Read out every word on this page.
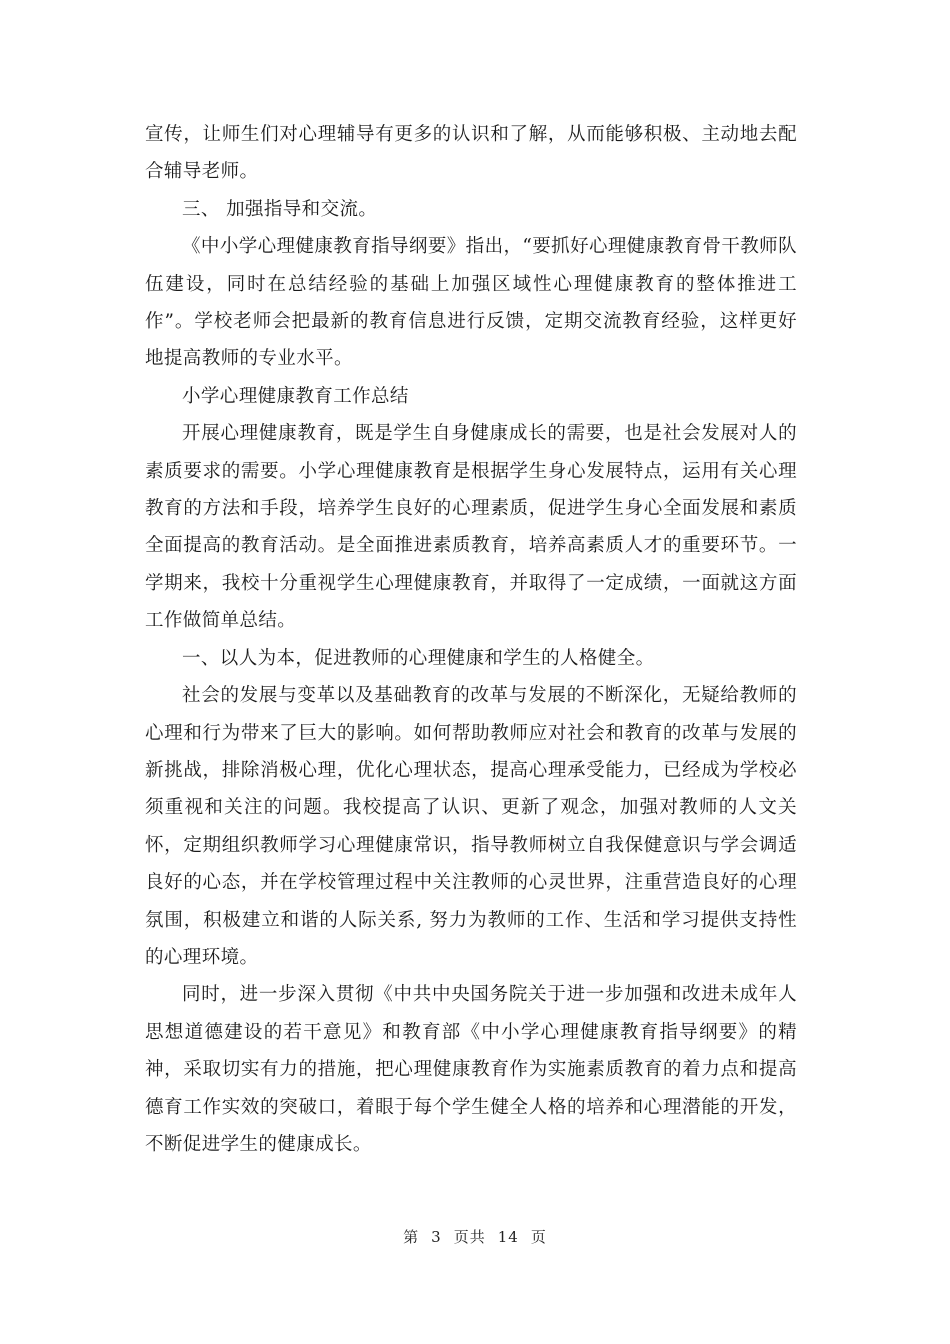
宣传，让师生们对心理辅导有更多的认识和了解，从而能够积极、主动地去配合辅导老师。

三、 加强指导和交流。

《中小学心理健康教育指导纲要》指出，“要抓好心理健康教育骨干教师队伍建设，同时在总结经验的基础上加强区域性心理健康教育的整体推进工作”。学校老师会把最新的教育信息进行反馈，定期交流教育经验，这样更好地提高教师的专业水平。

小学心理健康教育工作总结

开展心理健康教育，既是学生自身健康成长的需要，也是社会发展对人的素质要求的需要。小学心理健康教育是根据学生身心发展特点，运用有关心理教育的方法和手段，培养学生良好的心理素质，促进学生身心全面发展和素质全面提高的教育活动。是全面推进素质教育，培养高素质人才的重要环节。一学期来，我校十分重视学生心理健康教育，并取得了一定成绩，一面就这方面工作做简单总结。

一、以人为本，促进教师的心理健康和学生的人格健全。

社会的发展与变革以及基础教育的改革与发展的不断深化，无疑给教师的心理和行为带来了巨大的影响。如何帮助教师应对社会和教育的改革与发展的新挑战，排除消极心理，优化心理状态，提高心理承受能力，已经成为学校必须重视和关注的问题。我校提高了认识、更新了观念，加强对教师的人文关怀，定期组织教师学习心理健康常识，指导教师树立自我保健意识与学会调适良好的心态，并在学校管理过程中关注教师的心灵世界，注重营造良好的心理氛围，积极建立和谐的人际关系, 努力为教师的工作、生活和学习提供支持性的心理环境。

同时，进一步深入贯彻《中共中央国务院关于进一步加强和改进未成年人思想道德建设的若干意见》和教育部《中小学心理健康教育指导纲要》的精神，采取切实有力的措施，把心理健康教育作为实施素质教育的着力点和提高德育工作实效的突破口，着眼于每个学生健全人格的培养和心理潜能的开发，不断促进学生的健康成长。

第 3 页共 14 页
